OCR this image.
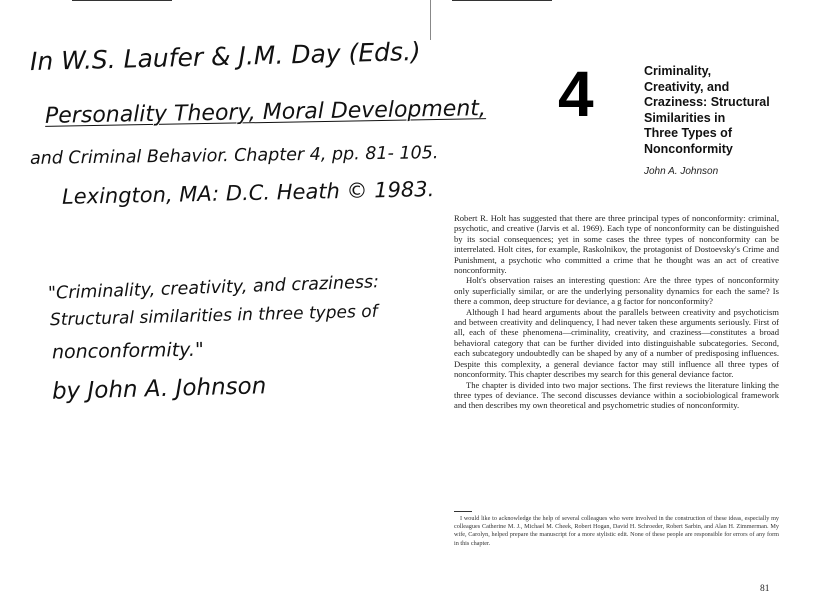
In W.S. Laufer & J.M. Day (Eds.)
Personality Theory, Moral Development,
and Criminal Behavior. Chapter 4, pp. 81- 105.
Lexington, MA: D.C. Heath © 1983.
"Criminality, creativity, and craziness:
Structural similarities in three types of
nonconformity."
by John A. Johnson
4	Criminality,
Creativity, and
Craziness: Structural
Similarities in
Three Types of
Nonconformity
John A. Johnson

Robert R. Holt has suggested that there are three principal types of nonconformity: criminal, psychotic, and creative (Jarvis et al. 1969). Each type of nonconformity can be distinguished by its social consequences; yet in some cases the three types of nonconformity can be interrelated. Holt cites, for example, Raskolnikov, the protagonist of Dostoevsky's Crime and Punishment, a psychotic who committed a crime that he thought was an act of creative nonconformity.

Holt's observation raises an interesting question: Are the three types of nonconformity only superficially similar, or are the underlying personality dynamics for each the same? Is there a common, deep structure for deviance, a g factor for nonconformity?

Although I had heard arguments about the parallels between creativity and psychoticism and between creativity and delinquency, I had never taken these arguments seriously. First of all, each of these phenomena—criminality, creativity, and craziness—constitutes a broad behavioral category that can be further divided into distinguishable subcategories. Second, each subcategory undoubtedly can be shaped by any of a number of predisposing influences. Despite this complexity, a general deviance factor may still influence all three types of nonconformity. This chapter describes my search for this general deviance factor.

The chapter is divided into two major sections. The first reviews the literature linking the three types of deviance. The second discusses deviance within a sociobiological framework and then describes my own theoretical and psychometric studies of nonconformity.

I would like to acknowledge the help of several colleagues who were involved in the construction of these ideas, especially my colleagues Catherine M. J., Michael M. Cheek, Robert Hogan, David H. Schroeder, Robert Sarbin, and Alan H. Zimmerman. My wife, Carolyn, helped prepare the manuscript for a more stylistic edit. None of these people are responsible for errors of any form in this chapter.

81
